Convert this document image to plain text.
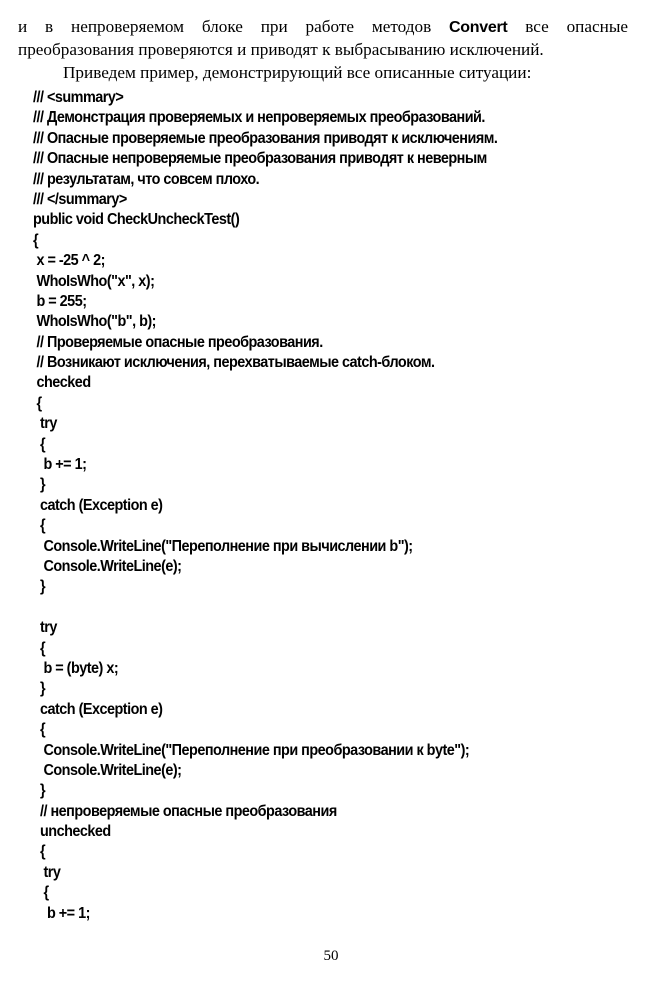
и в непроверяемом блоке при работе методов Convert все опасные
преобразования проверяются и приводят к выбрасыванию исключений.

Приведем пример, демонстрирующий все описанные ситуации:

/// <summary>
/// Демонстрация проверяемых и непроверяемых преобразований.
/// Опасные проверяемые преобразования приводят к исключениям.
/// Опасные непроверяемые преобразования приводят к неверным
/// результатам, что совсем плохо.
/// </summary>
public void CheckUncheckTest()
{
x = -25 ^ 2;
WhoIsWho("x", x);
b = 255;
WhoIsWho("b", b);
// Проверяемые опасные преобразования.
// Возникают исключения, перехватываемые catch-блоком.
checked
{
try
{
b += 1;
}
catch (Exception e)
{
Console.WriteLine("Переполнение при вычислении b");
Console.WriteLine(e);
}
try
{
b = (byte) x;
}
catch (Exception e)
{
Console.WriteLine("Переполнение при преобразовании к byte");
Console.WriteLine(e);
}
// непроверяемые опасные преобразования
unchecked
{
try
{
b += 1;
50
